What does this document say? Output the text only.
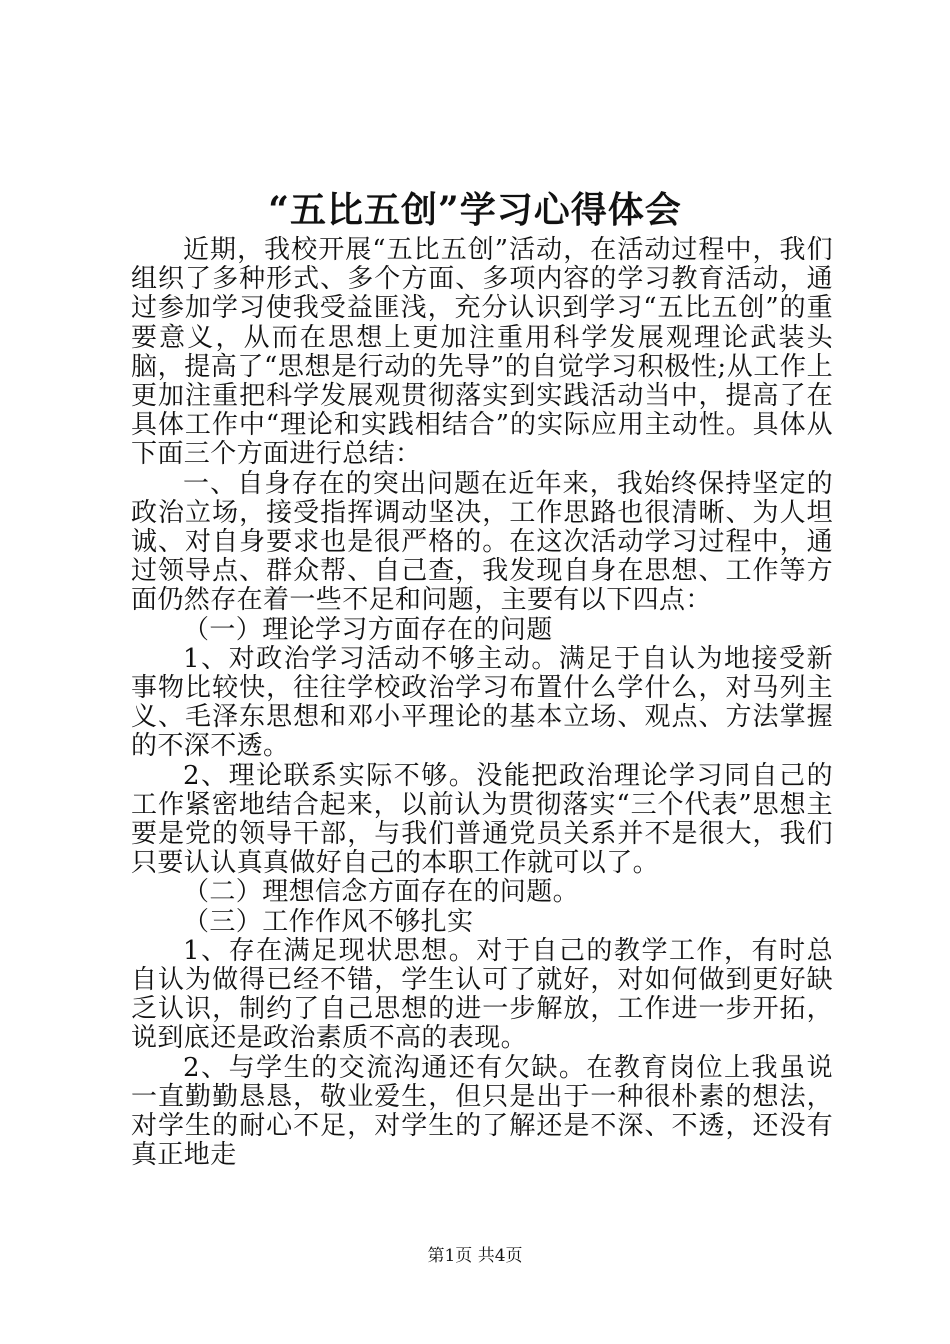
“五比五创”学习心得体会

近期，我校开展“五比五创”活动，在活动过程中，我们组织了多种形式、多个方面、多项内容的学习教育活动，通过参加学习使我受益匪浅，充分认识到学习“五比五创”的重要意义，从而在思想上更加注重用科学发展观理论武装头脑，提高了“思想是行动的先导”的自觉学习积极性;从工作上更加注重把科学发展观贯彻落实到实践活动当中，提高了在具体工作中“理论和实践相结合”的实际应用主动性。具体从下面三个方面进行总结：

一、自身存在的突出问题在近年来，我始终保持坚定的政治立场，接受指挥调动坚决，工作思路也很清晰、为人坦诚、对自身要求也是很严格的。在这次活动学习过程中，通过领导点、群众帮、自己查，我发现自身在思想、工作等方面仍然存在着一些不足和问题，主要有以下四点：

（一）理论学习方面存在的问题

1、对政治学习活动不够主动。满足于自认为地接受新事物比较快，往往学校政治学习布置什么学什么，对马列主义、毛泽东思想和邓小平理论的基本立场、观点、方法掌握的不深不透。

2、理论联系实际不够。没能把政治理论学习同自己的工作紧密地结合起来，以前认为贯彻落实“三个代表”思想主要是党的领导干部，与我们普通党员关系并不是很大，我们只要认认真真做好自己的本职工作就可以了。

（二）理想信念方面存在的问题。

（三）工作作风不够扎实

1、存在满足现状思想。对于自己的教学工作，有时总自认为做得已经不错，学生认可了就好，对如何做到更好缺乏认识，制约了自己思想的进一步解放，工作进一步开拓，说到底还是政治素质不高的表现。

2、与学生的交流沟通还有欠缺。在教育岗位上我虽说一直勤勤恳恳，敬业爱生，但只是出于一种很朴素的想法，对学生的耐心不足，对学生的了解还是不深、不透，还没有真正地走

第1页 共4页
